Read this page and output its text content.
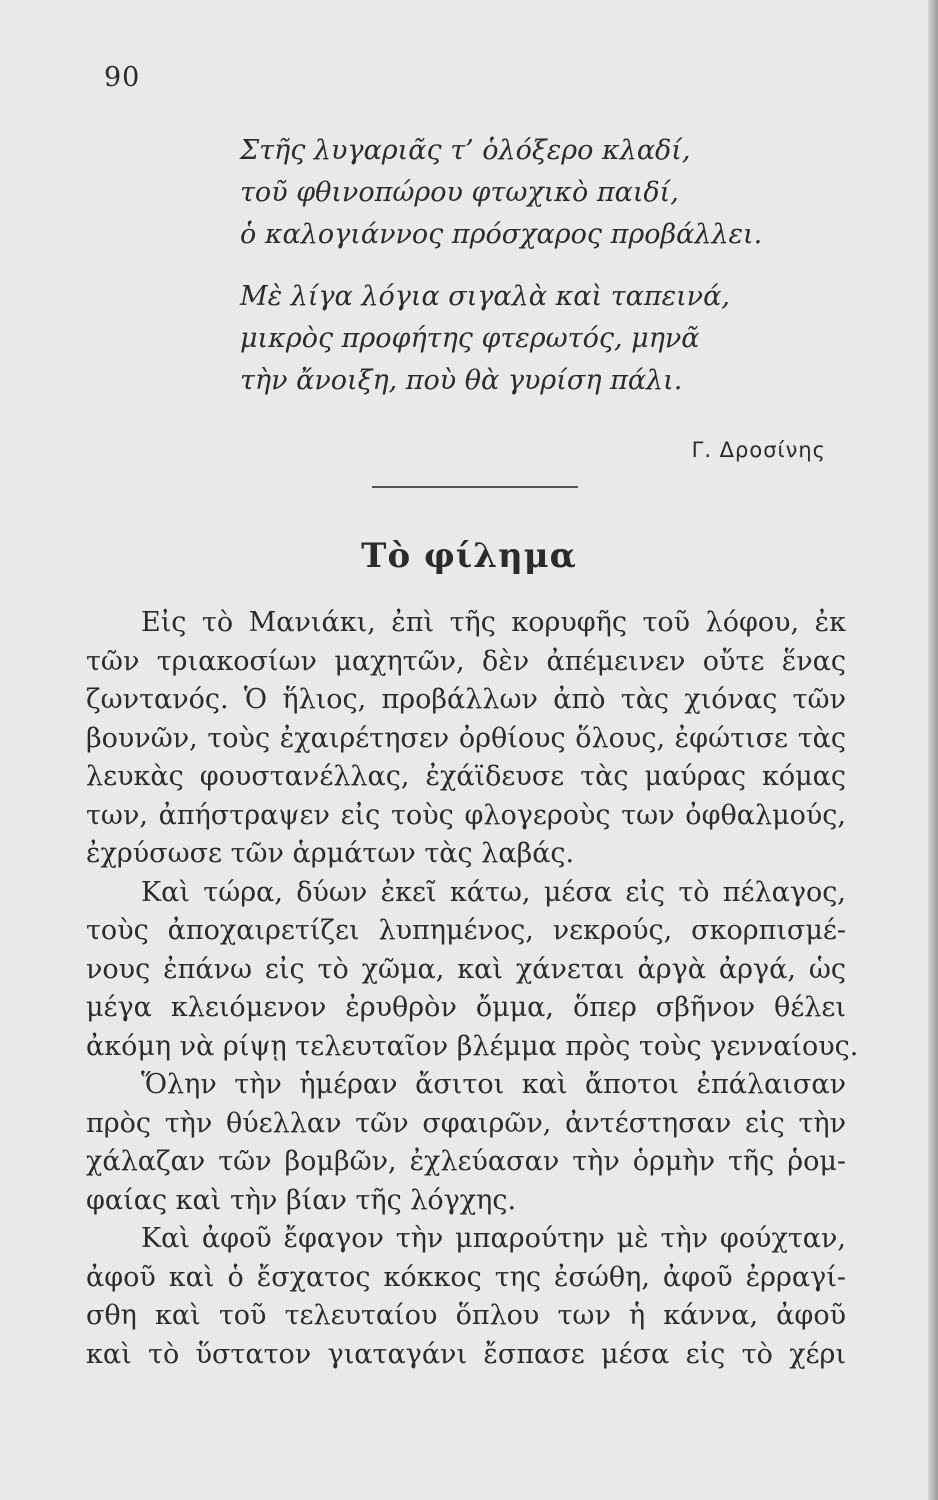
90
Στῆς λυγαριᾶς τ’ ὁλόξερο κλαδί,
τοῦ φθινοπώρου φτωχικὸ παιδί,
ὁ καλογιάννος πρόσχαρος προβάλλει.
Μὲ λίγα λόγια σιγαλὰ καὶ ταπεινά,
μικρὸς προφήτης φτερωτός, μηνᾶ
τὴν ἄνοιξη, ποὺ θὰ γυρίση πάλι.
Γ. Δροσίνης
Τὸ φίλημα

Εἰς τὸ Μανιάκι, ἐπὶ τῆς κορυφῆς τοῦ λόφου, ἐκ
τῶν τριακοσίων μαχητῶν, δὲν ἀπέμεινεν οὔτε ἕνας
ζωντανός. Ὁ ἥλιος, προβάλλων ἀπὸ τὰς χιόνας τῶν
βουνῶν, τοὺς ἐχαιρέτησεν ὀρθίους ὅλους, ἐφώτισε τὰς
λευκὰς φουστανέλλας, ἐχάϊδευσε τὰς μαύρας κόμας
των, ἀπήστραψεν εἰς τοὺς φλογεροὺς των ὀφθαλμούς,
ἐχρύσωσε τῶν ἁρμάτων τὰς λαβάς.

Καὶ τώρα, δύων ἐκεῖ κάτω, μέσα εἰς τὸ πέλαγος,
τοὺς ἀποχαιρετίζει λυπημένος, νεκρούς, σκορπισμέ-
νους ἐπάνω εἰς τὸ χῶμα, καὶ χάνεται ἀργὰ ἀργά, ὡς
μέγα κλειόμενον ἐρυθρὸν ὄμμα, ὅπερ σβῆνον θέλει
ἀκόμη νὰ ρίψῃ τελευταῖον βλέμμα πρὸς τοὺς γενναίους.

Ὅλην τὴν ἡμέραν ἄσιτοι καὶ ἄποτοι ἐπάλαισαν
πρὸς τὴν θύελλαν τῶν σφαιρῶν, ἀντέστησαν εἰς τὴν
χάλαζαν τῶν βομβῶν, ἐχλεύασαν τὴν ὁρμὴν τῆς ῥομ-
φαίας καὶ τὴν βίαν τῆς λόγχης.

Καὶ ἀφοῦ ἔφαγον τὴν μπαρούτην μὲ τὴν φούχταν,
ἀφοῦ καὶ ὁ ἔσχατος κόκκος της ἐσώθη, ἀφοῦ ἐρραγί-
σθη καὶ τοῦ τελευταίου ὅπλου των ἡ κάννα, ἀφοῦ
καὶ τὸ ὕστατον γιαταγάνι ἔσπασε μέσα εἰς τὸ χέρι
